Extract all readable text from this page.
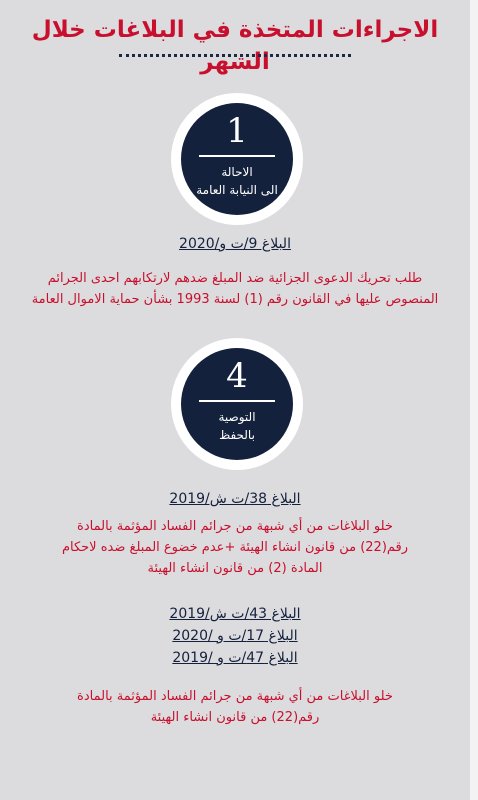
الاجراءات المتخذة في البلاغات خلال الشهر
1
الاحالة
الى النيابة العامة
البلاغ 9/ت و/2020
طلب تحريك الدعوى الجزائية ضد المبلغ ضدهم لارتكابهم احدى الجرائم
المنصوص عليها في القانون رقم (1) لسنة 1993 بشأن حماية الاموال العامة
4
التوصية
بالحفظ
البلاغ 38/ت ش/2019
خلو البلاغات من أي شبهة من جرائم الفساد المؤثمة بالمادة
رقم(22) من قانون انشاء الهيئة +عدم خضوع المبلغ ضده لاحكام
المادة (2) من قانون انشاء الهيئة
البلاغ 43/ت ش/2019
البلاغ 17/ت و /2020
البلاغ 47/ت و /2019
خلو البلاغات من أي شبهة من جرائم الفساد المؤثمة بالمادة
رقم(22) من قانون انشاء الهيئة
